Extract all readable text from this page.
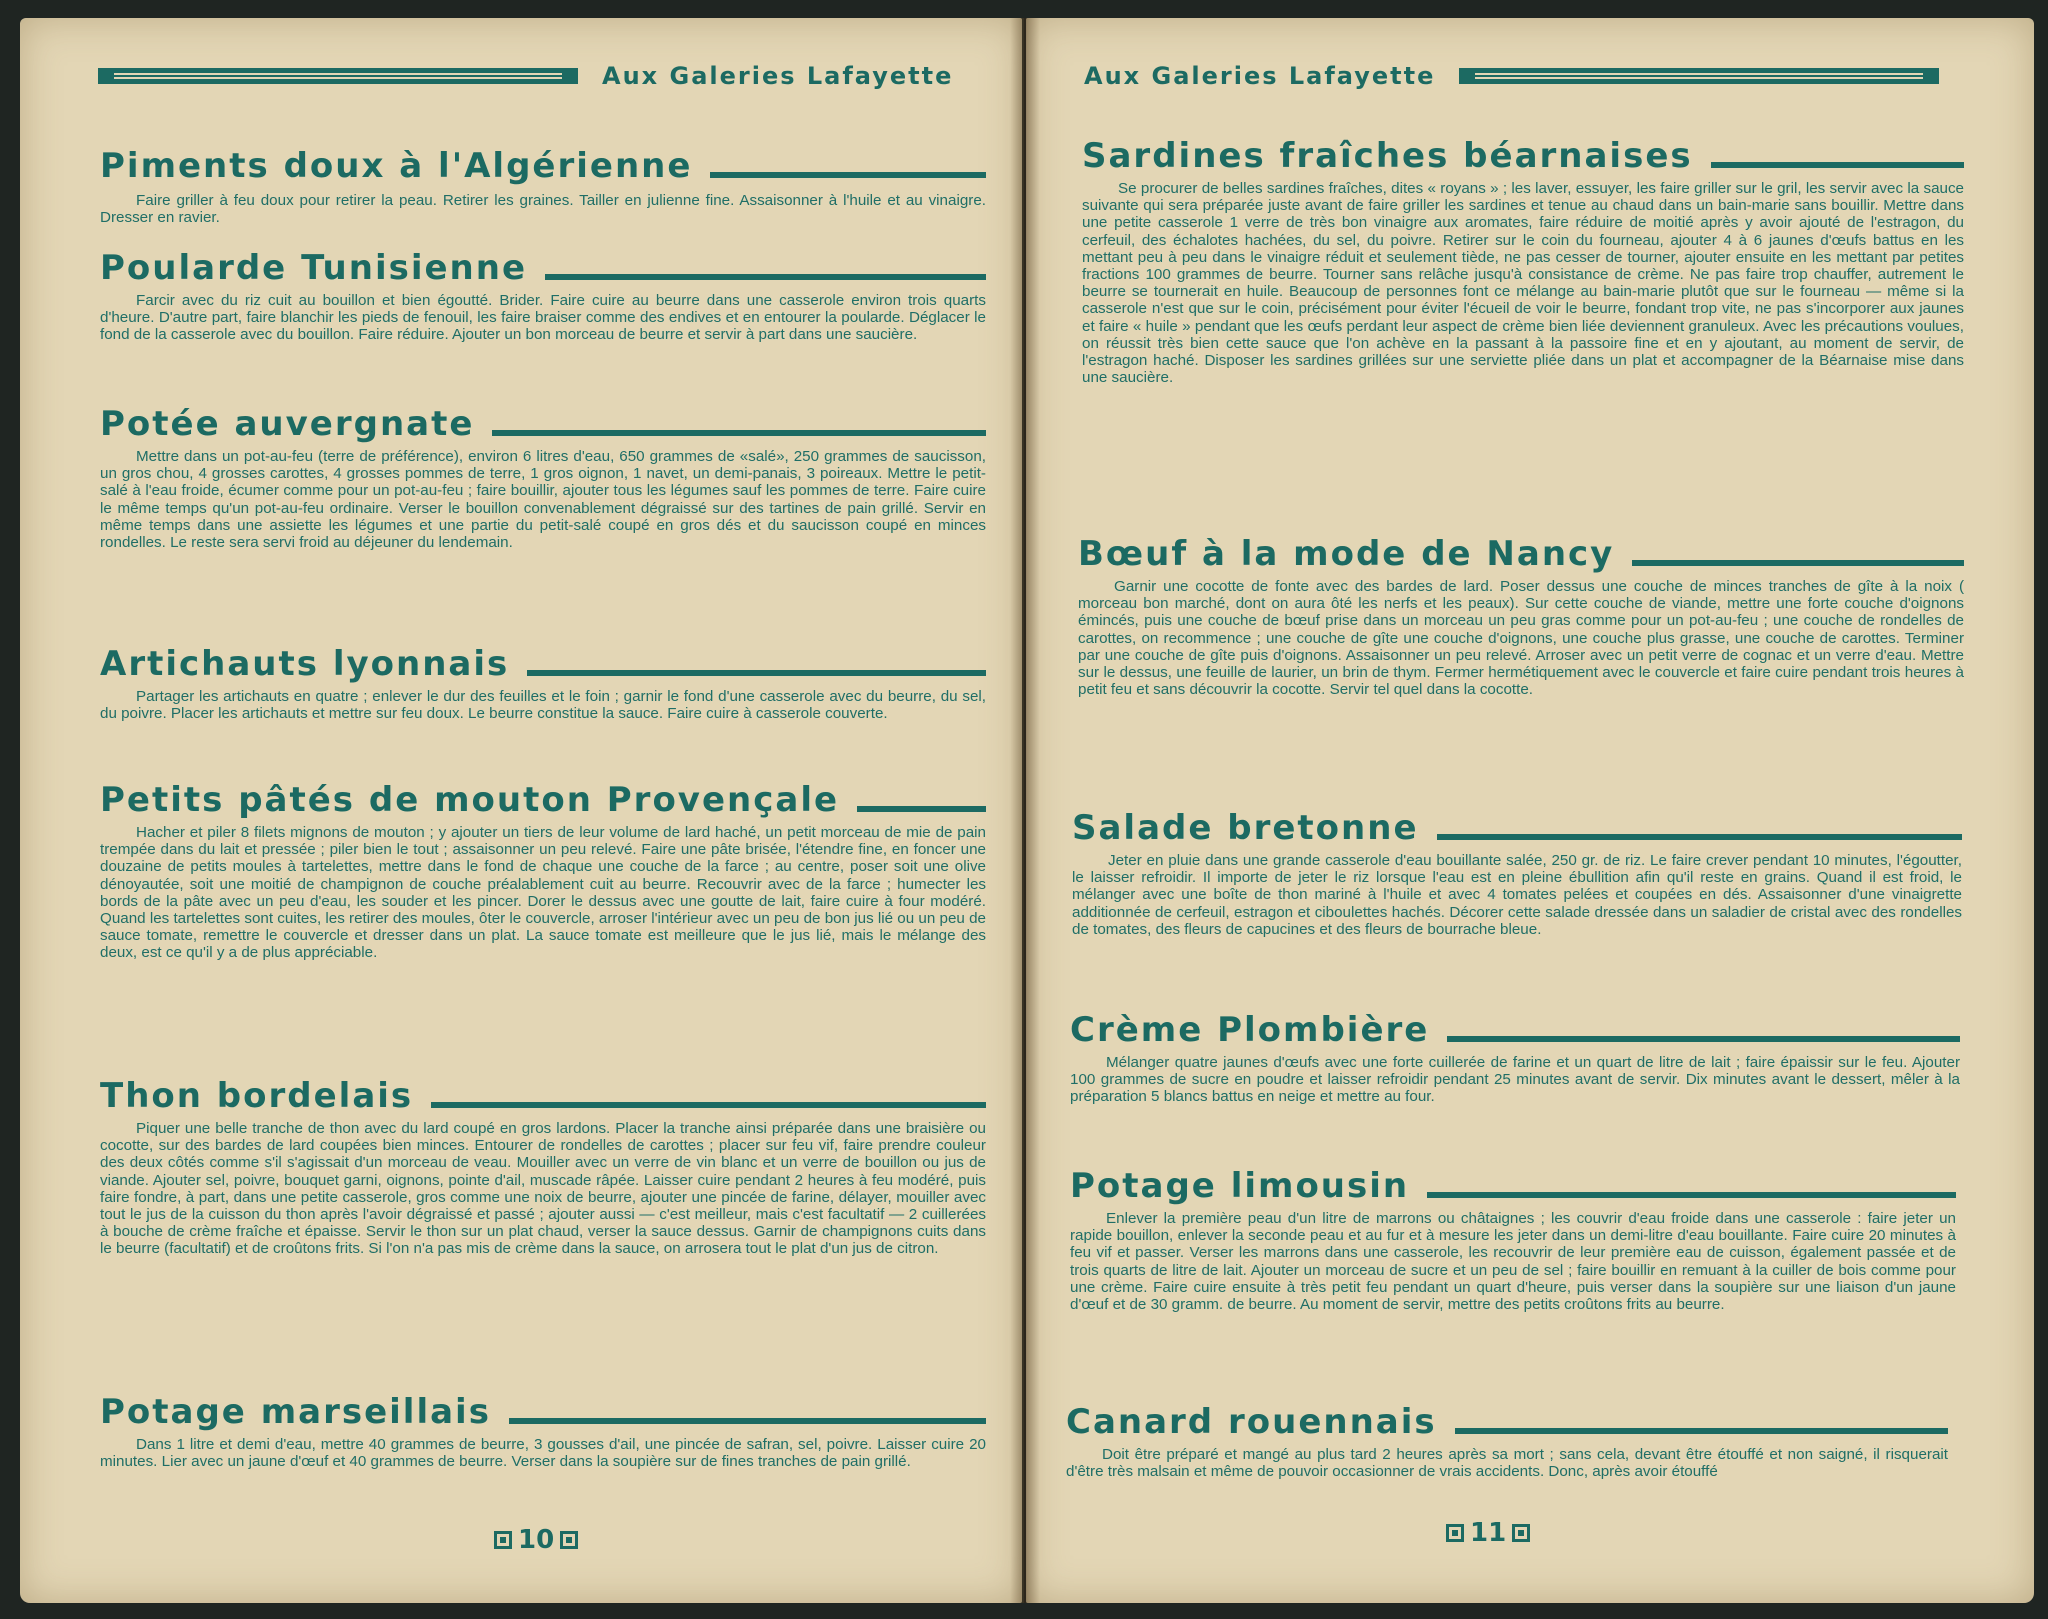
Aux Galeries Lafayette	Aux Galeries Lafayette
Piments doux à l'Algérienne
Faire griller à feu doux pour retirer la peau. Retirer les graines. Tailler en julienne fine. Assaisonner à l'huile et au vinaigre. Dresser en ravier.
Poularde Tunisienne
Farcir avec du riz cuit au bouillon et bien égoutté. Brider. Faire cuire au beurre dans une casserole environ trois quarts d'heure. D'autre part, faire blanchir les pieds de fenouil, les faire braiser comme des endives et en entourer la poularde. Déglacer le fond de la casserole avec du bouillon. Faire réduire. Ajouter un bon morceau de beurre et servir à part dans une saucière.
Potée auvergnate
Mettre dans un pot-au-feu (terre de préférence), environ 6 litres d'eau, 650 grammes de «salé», 250 grammes de saucisson, un gros chou, 4 grosses carottes, 4 grosses pommes de terre, 1 gros oignon, 1 navet, un demi-panais, 3 poireaux. Mettre le petit-salé à l'eau froide, écumer comme pour un pot-au-feu ; faire bouillir, ajouter tous les légumes sauf les pommes de terre. Faire cuire le même temps qu'un pot-au-feu ordinaire. Verser le bouillon convenablement dégraissé sur des tartines de pain grillé. Servir en même temps dans une assiette les légumes et une partie du petit-salé coupé en gros dés et du saucisson coupé en minces rondelles. Le reste sera servi froid au déjeuner du lendemain.
Artichauts lyonnais
Partager les artichauts en quatre ; enlever le dur des feuilles et le foin ; garnir le fond d'une casserole avec du beurre, du sel, du poivre. Placer les artichauts et mettre sur feu doux. Le beurre constitue la sauce. Faire cuire à casserole couverte.
Petits pâtés de mouton Provençale
Hacher et piler 8 filets mignons de mouton ; y ajouter un tiers de leur volume de lard haché, un petit morceau de mie de pain trempée dans du lait et pressée ; piler bien le tout ; assaisonner un peu relevé. Faire une pâte brisée, l'étendre fine, en foncer une douzaine de petits moules à tartelettes, mettre dans le fond de chaque une couche de la farce ; au centre, poser soit une olive dénoyautée, soit une moitié de champignon de couche préalablement cuit au beurre. Recouvrir avec de la farce ; humecter les bords de la pâte avec un peu d'eau, les souder et les pincer. Dorer le dessus avec une goutte de lait, faire cuire à four modéré. Quand les tartelettes sont cuites, les retirer des moules, ôter le couvercle, arroser l'intérieur avec un peu de bon jus lié ou un peu de sauce tomate, remettre le couvercle et dresser dans un plat. La sauce tomate est meilleure que le jus lié, mais le mélange des deux, est ce qu'il y a de plus appréciable.
Thon bordelais
Piquer une belle tranche de thon avec du lard coupé en gros lardons. Placer la tranche ainsi préparée dans une braisière ou cocotte, sur des bardes de lard coupées bien minces. Entourer de rondelles de carottes ; placer sur feu vif, faire prendre couleur des deux côtés comme s'il s'agissait d'un morceau de veau. Mouiller avec un verre de vin blanc et un verre de bouillon ou jus de viande. Ajouter sel, poivre, bouquet garni, oignons, pointe d'ail, muscade râpée. Laisser cuire pendant 2 heures à feu modéré, puis faire fondre, à part, dans une petite casserole, gros comme une noix de beurre, ajouter une pincée de farine, délayer, mouiller avec tout le jus de la cuisson du thon après l'avoir dégraissé et passé ; ajouter aussi — c'est meilleur, mais c'est facultatif — 2 cuillerées à bouche de crème fraîche et épaisse. Servir le thon sur un plat chaud, verser la sauce dessus. Garnir de champignons cuits dans le beurre (facultatif) et de croûtons frits. Si l'on n'a pas mis de crème dans la sauce, on arrosera tout le plat d'un jus de citron.
Potage marseillais
Dans 1 litre et demi d'eau, mettre 40 grammes de beurre, 3 gousses d'ail, une pincée de safran, sel, poivre. Laisser cuire 20 minutes. Lier avec un jaune d'œuf et 40 grammes de beurre. Verser dans la soupière sur de fines tranches de pain grillé.
10
Sardines fraîches béarnaises
Se procurer de belles sardines fraîches, dites « royans » ; les laver, essuyer, les faire griller sur le gril, les servir avec la sauce suivante qui sera préparée juste avant de faire griller les sardines et tenue au chaud dans un bain-marie sans bouillir. Mettre dans une petite casserole 1 verre de très bon vinaigre aux aromates, faire réduire de moitié après y avoir ajouté de l'estragon, du cerfeuil, des échalotes hachées, du sel, du poivre. Retirer sur le coin du fourneau, ajouter 4 à 6 jaunes d'œufs battus en les mettant peu à peu dans le vinaigre réduit et seulement tiède, ne pas cesser de tourner, ajouter ensuite en les mettant par petites fractions 100 grammes de beurre. Tourner sans relâche jusqu'à consistance de crème. Ne pas faire trop chauffer, autrement le beurre se tournerait en huile. Beaucoup de personnes font ce mélange au bain-marie plutôt que sur le fourneau — même si la casserole n'est que sur le coin, précisément pour éviter l'écueil de voir le beurre, fondant trop vite, ne pas s'incorporer aux jaunes et faire « huile » pendant que les œufs perdant leur aspect de crème bien liée deviennent granuleux. Avec les précautions voulues, on réussit très bien cette sauce que l'on achève en la passant à la passoire fine et en y ajoutant, au moment de servir, de l'estragon haché. Disposer les sardines grillées sur une serviette pliée dans un plat et accompagner de la Béarnaise mise dans une saucière.
Bœuf à la mode de Nancy
Garnir une cocotte de fonte avec des bardes de lard. Poser dessus une couche de minces tranches de gîte à la noix ( morceau bon marché, dont on aura ôté les nerfs et les peaux). Sur cette couche de viande, mettre une forte couche d'oignons émincés, puis une couche de bœuf prise dans un morceau un peu gras comme pour un pot-au-feu ; une couche de rondelles de carottes, on recommence ; une couche de gîte une couche d'oignons, une couche plus grasse, une couche de carottes. Terminer par une couche de gîte puis d'oignons. Assaisonner un peu relevé. Arroser avec un petit verre de cognac et un verre d'eau. Mettre sur le dessus, une feuille de laurier, un brin de thym. Fermer hermétiquement avec le couvercle et faire cuire pendant trois heures à petit feu et sans découvrir la cocotte. Servir tel quel dans la cocotte.
Salade bretonne
Jeter en pluie dans une grande casserole d'eau bouillante salée, 250 gr. de riz. Le faire crever pendant 10 minutes, l'égoutter, le laisser refroidir. Il importe de jeter le riz lorsque l'eau est en pleine ébullition afin qu'il reste en grains. Quand il est froid, le mélanger avec une boîte de thon mariné à l'huile et avec 4 tomates pelées et coupées en dés. Assaisonner d'une vinaigrette additionnée de cerfeuil, estragon et ciboulettes hachés. Décorer cette salade dressée dans un saladier de cristal avec des rondelles de tomates, des fleurs de capucines et des fleurs de bourrache bleue.
Crème Plombière
Mélanger quatre jaunes d'œufs avec une forte cuillerée de farine et un quart de litre de lait ; faire épaissir sur le feu. Ajouter 100 grammes de sucre en poudre et laisser refroidir pendant 25 minutes avant de servir. Dix minutes avant le dessert, mêler à la préparation 5 blancs battus en neige et mettre au four.
Potage limousin
Enlever la première peau d'un litre de marrons ou châtaignes ; les couvrir d'eau froide dans une casserole : faire jeter un rapide bouillon, enlever la seconde peau et au fur et à mesure les jeter dans un demi-litre d'eau bouillante. Faire cuire 20 minutes à feu vif et passer. Verser les marrons dans une casserole, les recouvrir de leur première eau de cuisson, également passée et de trois quarts de litre de lait. Ajouter un morceau de sucre et un peu de sel ; faire bouillir en remuant à la cuiller de bois comme pour une crème. Faire cuire ensuite à très petit feu pendant un quart d'heure, puis verser dans la soupière sur une liaison d'un jaune d'œuf et de 30 gramm. de beurre. Au moment de servir, mettre des petits croûtons frits au beurre.
Canard rouennais
Doit être préparé et mangé au plus tard 2 heures après sa mort ; sans cela, devant être étouffé et non saigné, il risquerait d'être très malsain et même de pouvoir occasionner de vrais accidents. Donc, après avoir étouffé
11
